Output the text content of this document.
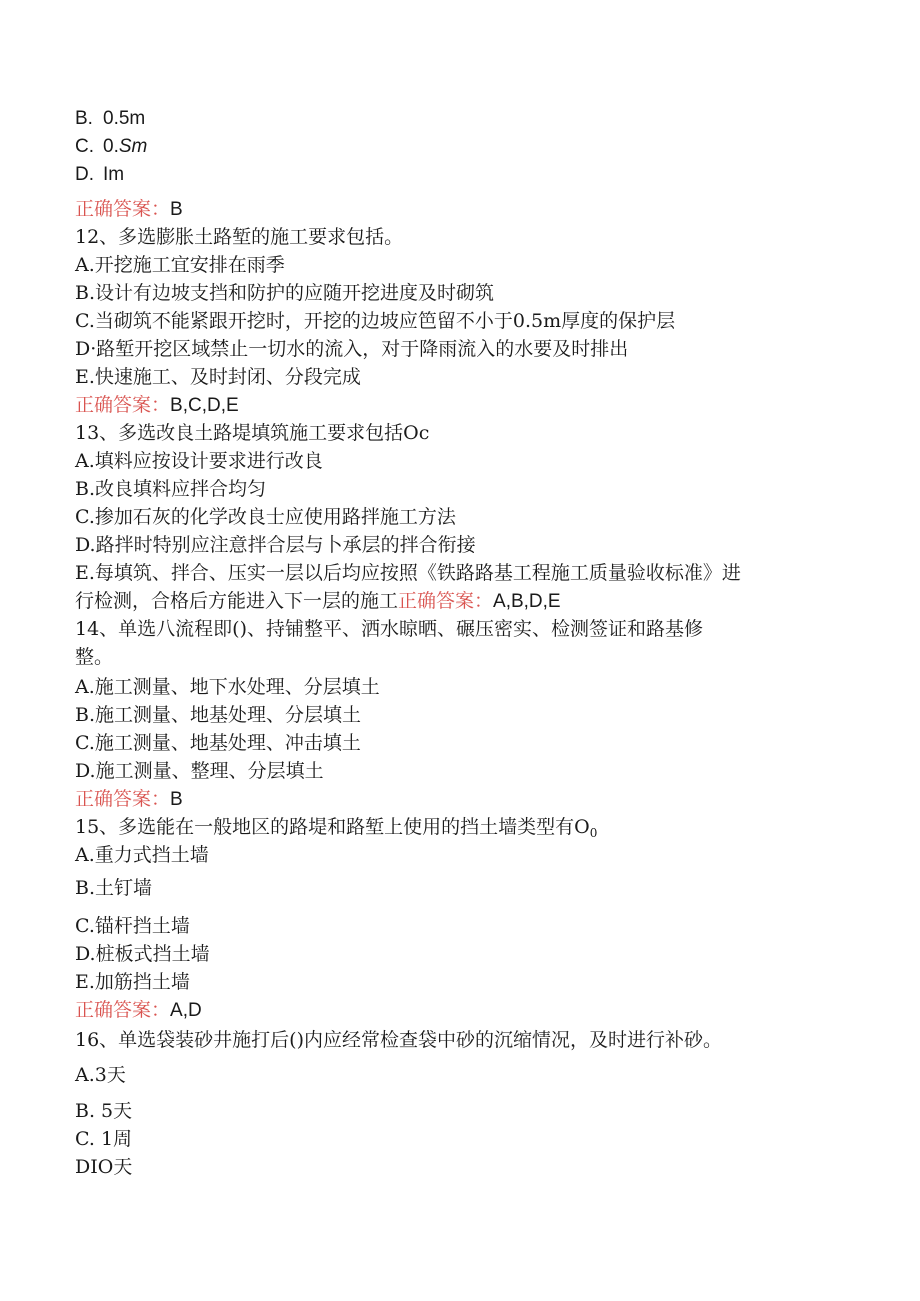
B. 0.5m
C. 0.Sm
D. Im
正确答案：B
12、多选膨胀土路堑的施工要求包括。
A.开挖施工宜安排在雨季
B.设计有边坡支挡和防护的应随开挖进度及时砌筑
C.当砌筑不能紧跟开挖时，开挖的边坡应笆留不小于0.5m厚度的保护层
D·路堑开挖区域禁止一切水的流入，对于降雨流入的水要及时排出
E.快速施工、及时封闭、分段完成
正确答案：B,C,D,E
13、多选改良土路堤填筑施工要求包括Oc
A.填料应按设计要求进行改良
B.改良填料应拌合均匀
C.掺加石灰的化学改良士应使用路拌施工方法
D.路拌时特别应注意拌合层与卜承层的拌合衔接
E.每填筑、拌合、压实一层以后均应按照《铁路路基工程施工质量验收标准》进
行检测，合格后方能进入下一层的施工正确答案：A,B,D,E
14、单选八流程即()、持铺整平、洒水晾晒、碾压密实、检测签证和路基修
整。
A.施工测量、地下水处理、分层填土
B.施工测量、地基处理、分层填土
C.施工测量、地基处理、冲击填土
D.施工测量、整理、分层填土
正确答案：B
15、多选能在一般地区的路堤和路堑上使用的挡土墙类型有$O_0$
A.重力式挡土墙
B.土钉墙
C.锚杆挡土墙
D.桩板式挡土墙
E.加筋挡土墙
正确答案：A,D
16、单选袋装砂井施打后()内应经常检查袋中砂的沉缩情况，及时进行补砂。
A.3天
B. 5天
C. 1周
DIO天
